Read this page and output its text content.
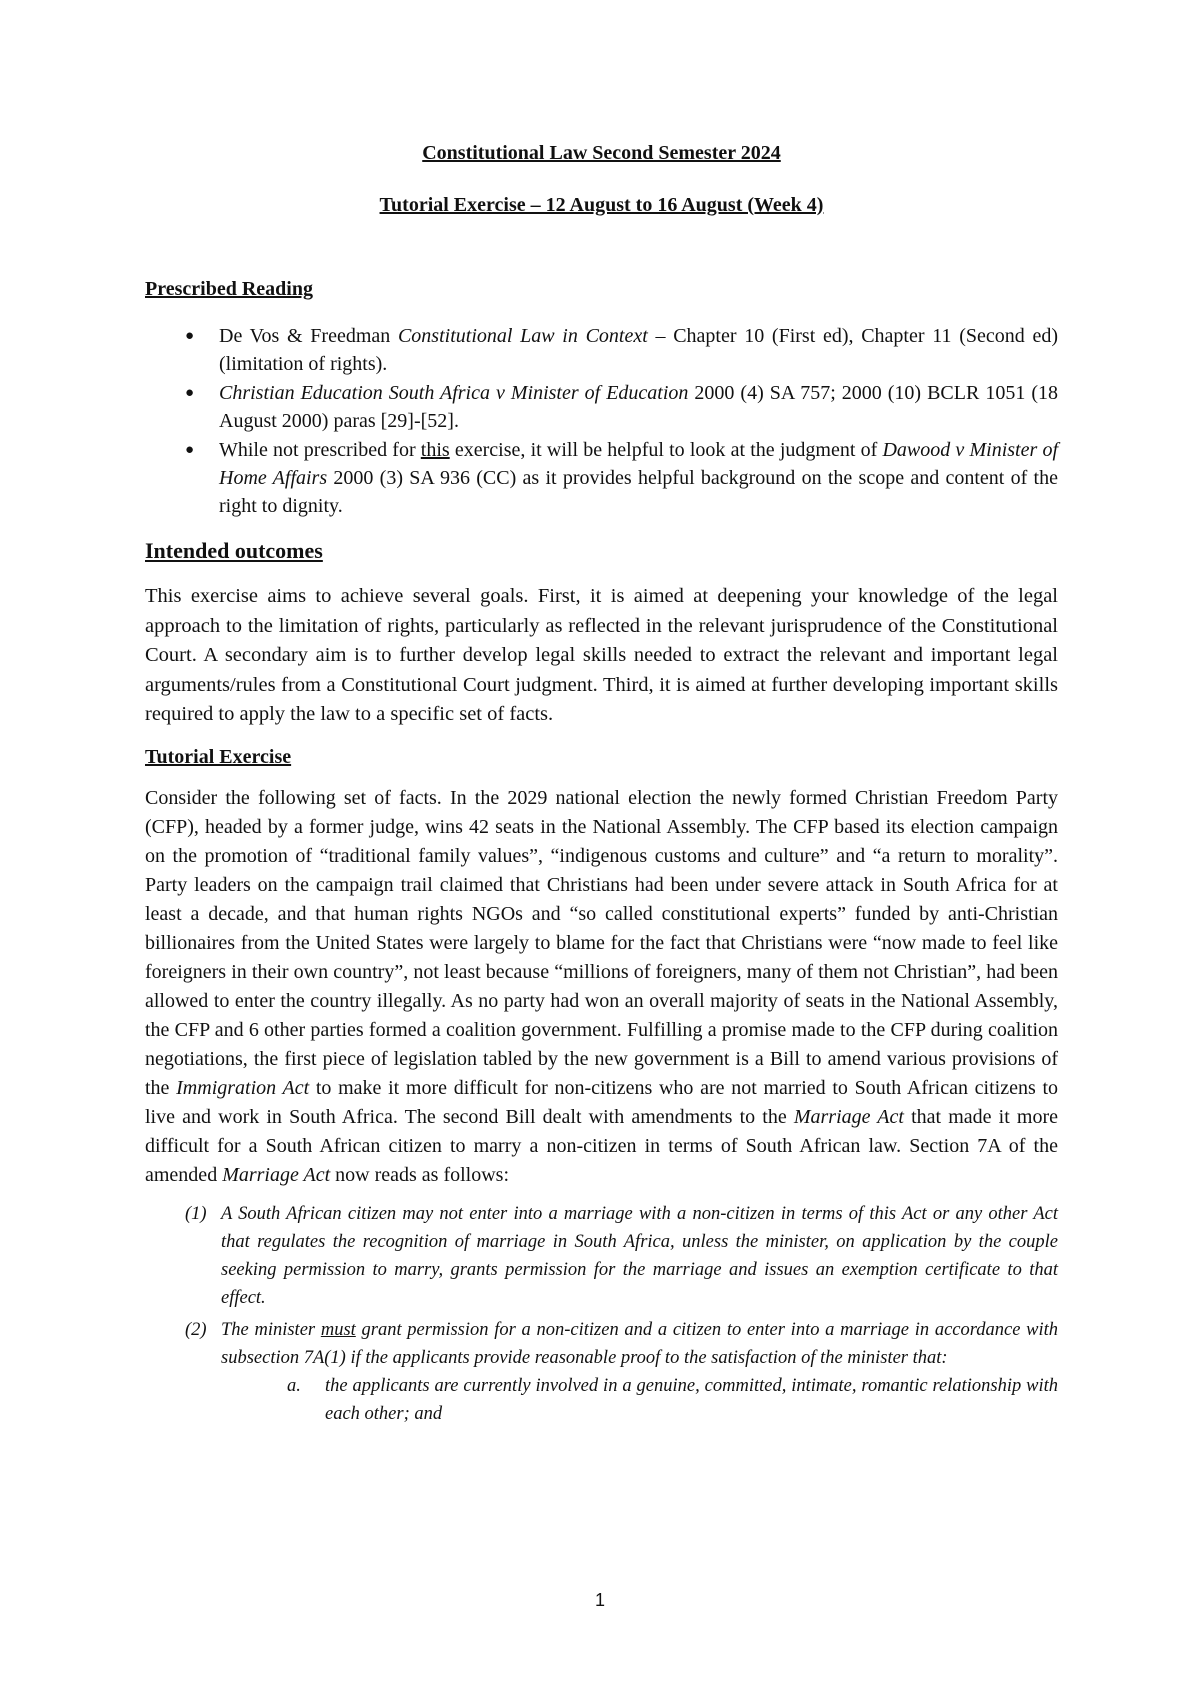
Constitutional Law Second Semester 2024

Tutorial Exercise – 12 August to 16 August (Week 4)

Prescribed Reading
● De Vos & Freedman Constitutional Law in Context – Chapter 10 (First ed), Chapter 11 (Second ed) (limitation of rights).
● Christian Education South Africa v Minister of Education 2000 (4) SA 757; 2000 (10) BCLR 1051 (18 August 2000) paras [29]-[52].
● While not prescribed for this exercise, it will be helpful to look at the judgment of Dawood v Minister of Home Affairs 2000 (3) SA 936 (CC) as it provides helpful background on the scope and content of the right to dignity.
Intended outcomes

This exercise aims to achieve several goals. First, it is aimed at deepening your knowledge of the legal approach to the limitation of rights, particularly as reflected in the relevant jurisprudence of the Constitutional Court. A secondary aim is to further develop legal skills needed to extract the relevant and important legal arguments/rules from a Constitutional Court judgment. Third, it is aimed at further developing important skills required to apply the law to a specific set of facts.

Tutorial Exercise

Consider the following set of facts. In the 2029 national election the newly formed Christian Freedom Party (CFP), headed by a former judge, wins 42 seats in the National Assembly. The CFP based its election campaign on the promotion of “traditional family values”, “indigenous customs and culture” and “a return to morality”. Party leaders on the campaign trail claimed that Christians had been under severe attack in South Africa for at least a decade, and that human rights NGOs and “so called constitutional experts” funded by anti-Christian billionaires from the United States were largely to blame for the fact that Christians were “now made to feel like foreigners in their own country”, not least because “millions of foreigners, many of them not Christian”, had been allowed to enter the country illegally. As no party had won an overall majority of seats in the National Assembly, the CFP and 6 other parties formed a coalition government. Fulfilling a promise made to the CFP during coalition negotiations, the first piece of legislation tabled by the new government is a Bill to amend various provisions of the Immigration Act to make it more difficult for non-citizens who are not married to South African citizens to live and work in South Africa. The second Bill dealt with amendments to the Marriage Act that made it more difficult for a South African citizen to marry a non-citizen in terms of South African law. Section 7A of the amended Marriage Act now reads as follows:

(1) A South African citizen may not enter into a marriage with a non-citizen in terms of this Act or any other Act that regulates the recognition of marriage in South Africa, unless the minister, on application by the couple seeking permission to marry, grants permission for the marriage and issues an exemption certificate to that effect.
(2) The minister must grant permission for a non-citizen and a citizen to enter into a marriage in accordance with subsection 7A(1) if the applicants provide reasonable proof to the satisfaction of the minister that:
a. the applicants are currently involved in a genuine, committed, intimate, romantic relationship with each other; and
1
